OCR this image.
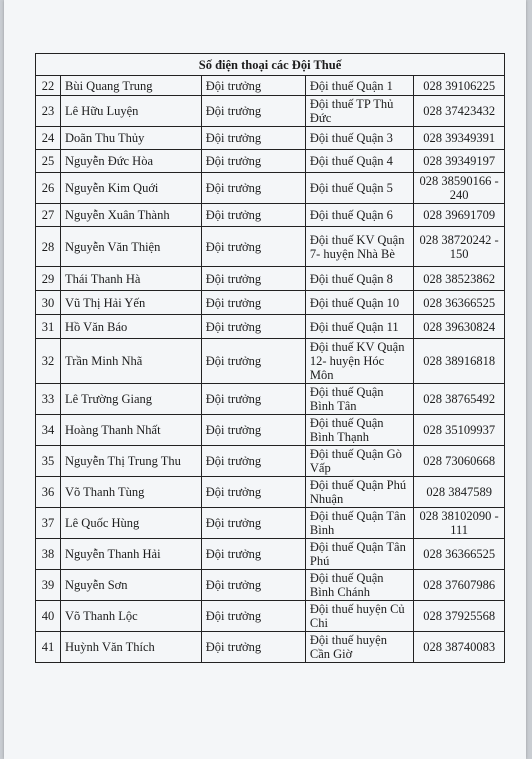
Số điện thoại các Đội Thuế				
22	Bùi Quang Trung	Đội trưởng	Đội thuế Quận 1	028 39106225
23	Lê Hữu Luyện	Đội trưởng	Đội thuế TP Thủ Đức	028 37423432
24	Doãn Thu Thủy	Đội trưởng	Đội thuế Quận 3	028 39349391
25	Nguyễn Đức Hòa	Đội trưởng	Đội thuế Quận 4	028 39349197
26	Nguyễn Kim Quới	Đội trưởng	Đội thuế Quận 5	028 38590166 - 240
27	Nguyễn Xuân Thành	Đội trưởng	Đội thuế Quận 6	028 39691709
28	Nguyễn Văn Thiện	Đội trưởng	Đội thuế KV Quận 7- huyện Nhà Bè	028 38720242 - 150
29	Thái Thanh Hà	Đội trưởng	Đội thuế Quận 8	028 38523862
30	Vũ Thị Hải Yến	Đội trưởng	Đội thuế Quận 10	028 36366525
31	Hồ Văn Báo	Đội trưởng	Đội thuế Quận 11	028 39630824
32	Trần Minh Nhã	Đội trưởng	Đội thuế KV Quận 12- huyện Hóc Môn	028 38916818
33	Lê Trường Giang	Đội trưởng	Đội thuế Quận Bình Tân	028 38765492
34	Hoàng Thanh Nhất	Đội trưởng	Đội thuế Quận Bình Thạnh	028 35109937
35	Nguyễn Thị Trung Thu	Đội trưởng	Đội thuế Quận Gò Vấp	028 73060668
36	Võ Thanh Tùng	Đội trưởng	Đội thuế Quận Phú Nhuận	028 3847589
37	Lê Quốc Hùng	Đội trưởng	Đội thuế Quận Tân Bình	028 38102090 - 111
38	Nguyễn Thanh Hải	Đội trưởng	Đội thuế Quận Tân Phú	028 36366525
39	Nguyễn Sơn	Đội trưởng	Đội thuế Quận Bình Chánh	028 37607986
40	Võ Thanh Lộc	Đội trưởng	Đội thuế huyện Củ Chi	028 37925568
41	Huỳnh Văn Thích	Đội trưởng	Đội thuế huyện Cần Giờ	028 38740083
